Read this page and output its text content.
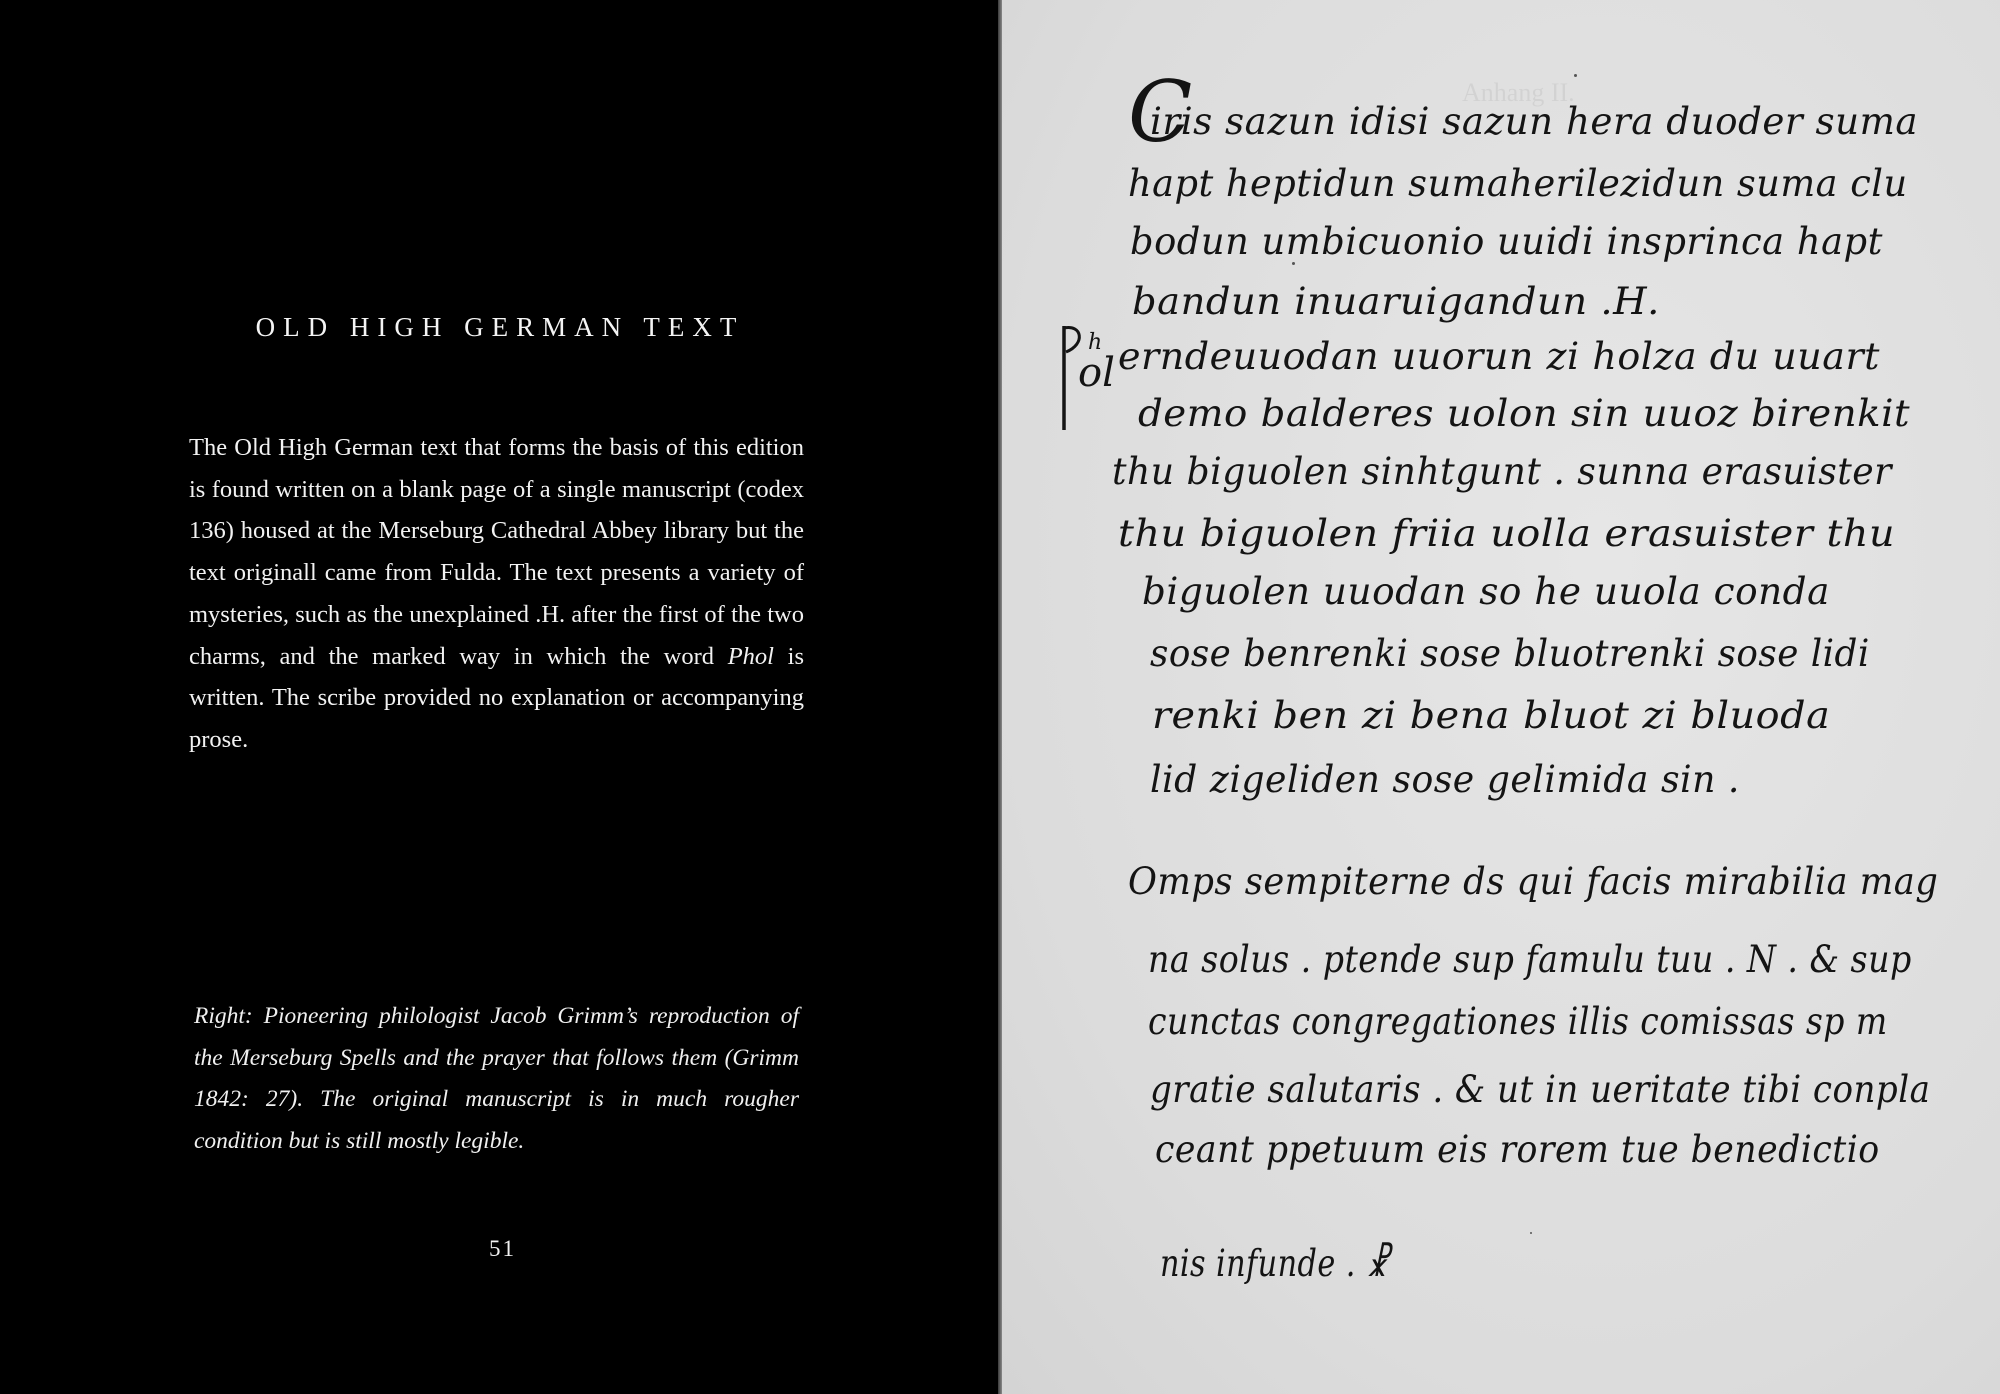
OLD HIGH GERMAN TEXT

The Old High German text that forms the basis of this edition is found written on a blank page of a single manuscript (codex 136) housed at the Merseburg Cathedral Abbey library but the text originall came from Fulda. The text presents a variety of mysteries, such as the unexplained .H. after the first of the two charms, and the marked way in which the word Phol is written. The scribe provided no explanation or accompanying prose.

Right: Pioneering philologist Jacob Grimm’s reproduction of the Merseburg Spells and the prayer that follows them (Grimm 1842: 27). The original manuscript is in much rougher condition but is still mostly legible.

51
Anhang II.
C
h
ol
iris sazun idisi sazun hera duoder suma
hapt heptidun sumaherilezidun suma clu
bodun umbicuonio uuidi insprinca hapt
bandun inuaruigandun .H.
erndeuuodan uuorun zi holza du uuart
demo balderes uolon sin uuoz birenkit
thu biguolen sinhtgunt . sunna erasuister
thu biguolen friia uolla erasuister thu
biguolen uuodan so he uuola conda
sose benrenki sose bluotrenki sose lidi
renki ben zi bena bluot zi bluoda
lid zigeliden sose gelimida sin .
Omps sempiterne ds qui facis mirabilia mag
na solus . ptende sup famulu tuu . N . & sup
cunctas congregationes illis comissas sp m
gratie salutaris . & ut in ueritate tibi conpla
ceant ppetuum eis rorem tue benedictio
nis infunde . ☧
